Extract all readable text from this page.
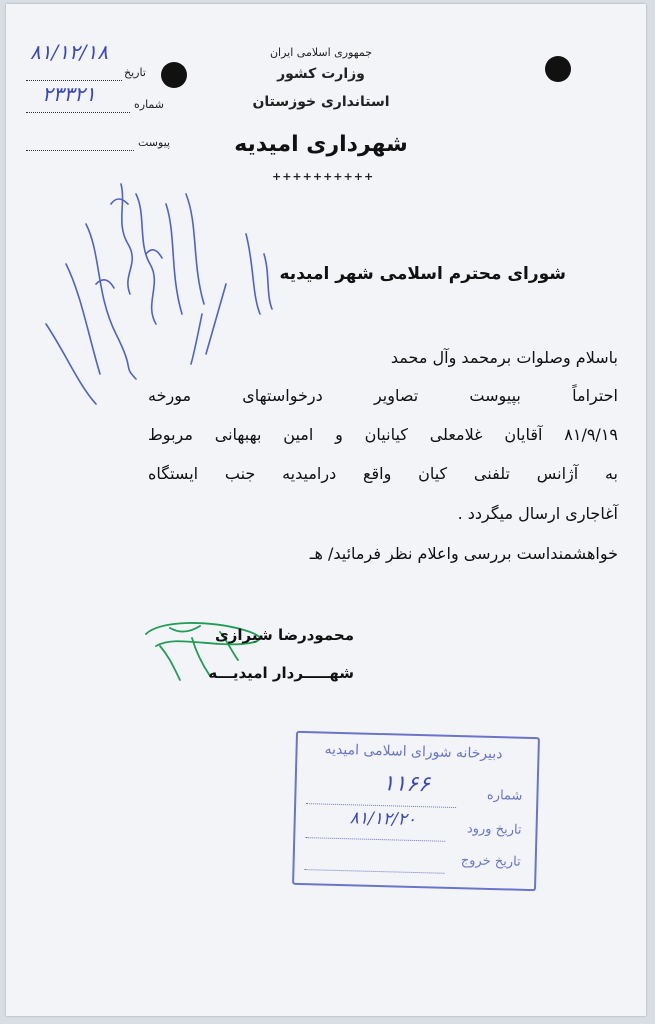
جمهوری اسلامی ایران
وزارت کشور
استانداری خوزستان
شهرداری امیدیه
++++++++++
۸۱/۱۲/۱۸
تاریخ
۲۳۳۲۱	شماره
پیوست
شورای محترم اسلامی شهر امیدیه
باسلام وصلوات برمحمد وآل محمد
احتراماً بپیوست تصاویر درخواستهای مورخه
۸۱/۹/۱۹ آقایان غلامعلی کیانیان و امین بهبهانی مربوط
به آژانس تلفنی کیان واقع درامیدیه جنب ایستگاه
آغاجاری ارسال میگردد .
خواهشمنداست بررسی واعلام نظر فرمائید/ هـ
محمودرضا شیرازی
شهـــــردار امیدیـــه
دبیرخانه شورای اسلامی امیدیه
شماره
۱۱۶۶
تاریخ ورود
۸۱/۱۲/۲۰
تاریخ خروج
